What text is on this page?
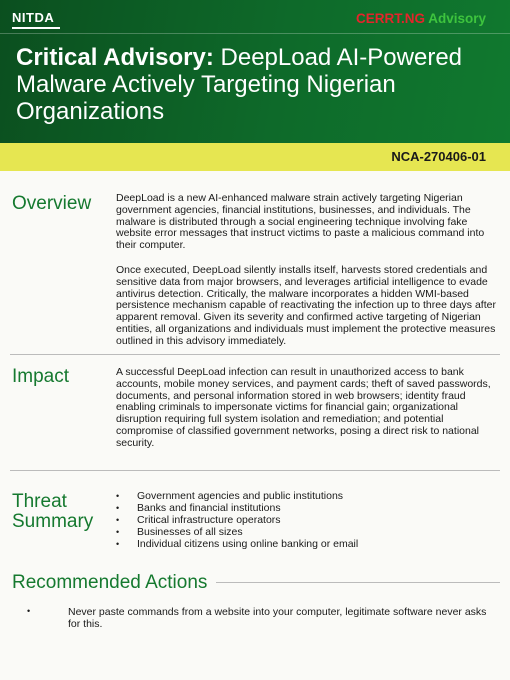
NITDA	CERRT.NG Advisory
Critical Advisory: DeepLoad AI-Powered Malware Actively Targeting Nigerian Organizations
NCA-270406-01
Overview DeepLoad is a new AI-enhanced malware strain actively targeting Nigerian government agencies, financial institutions, businesses, and individuals. The malware is distributed through a social engineering technique involving fake website error messages that instruct victims to paste a malicious command into their computer.

Once executed, DeepLoad silently installs itself, harvests stored credentials and sensitive data from major browsers, and leverages artificial intelligence to evade antivirus detection. Critically, the malware incorporates a hidden WMI-based persistence mechanism capable of reactivating the infection up to three days after apparent removal. Given its severity and confirmed active targeting of Nigerian entities, all organizations and individuals must implement the protective measures outlined in this advisory immediately.

Impact	A successful DeepLoad infection can result in unauthorized access to bank accounts, mobile money services, and payment cards; theft of saved passwords, documents, and personal information stored in web browsers; identity fraud enabling criminals to impersonate victims for financial gain; organizational disruption requiring full system isolation and remediation; and potential compromise of classified government networks, posing a direct risk to national security.

Threat
Summary
• Government agencies and public institutions
• Banks and financial institutions
• Critical infrastructure operators
• Businesses of all sizes
• Individual citizens using online banking or email
Recommended Actions
•	Never paste commands from a website into your computer, legitimate software never asks for this.
